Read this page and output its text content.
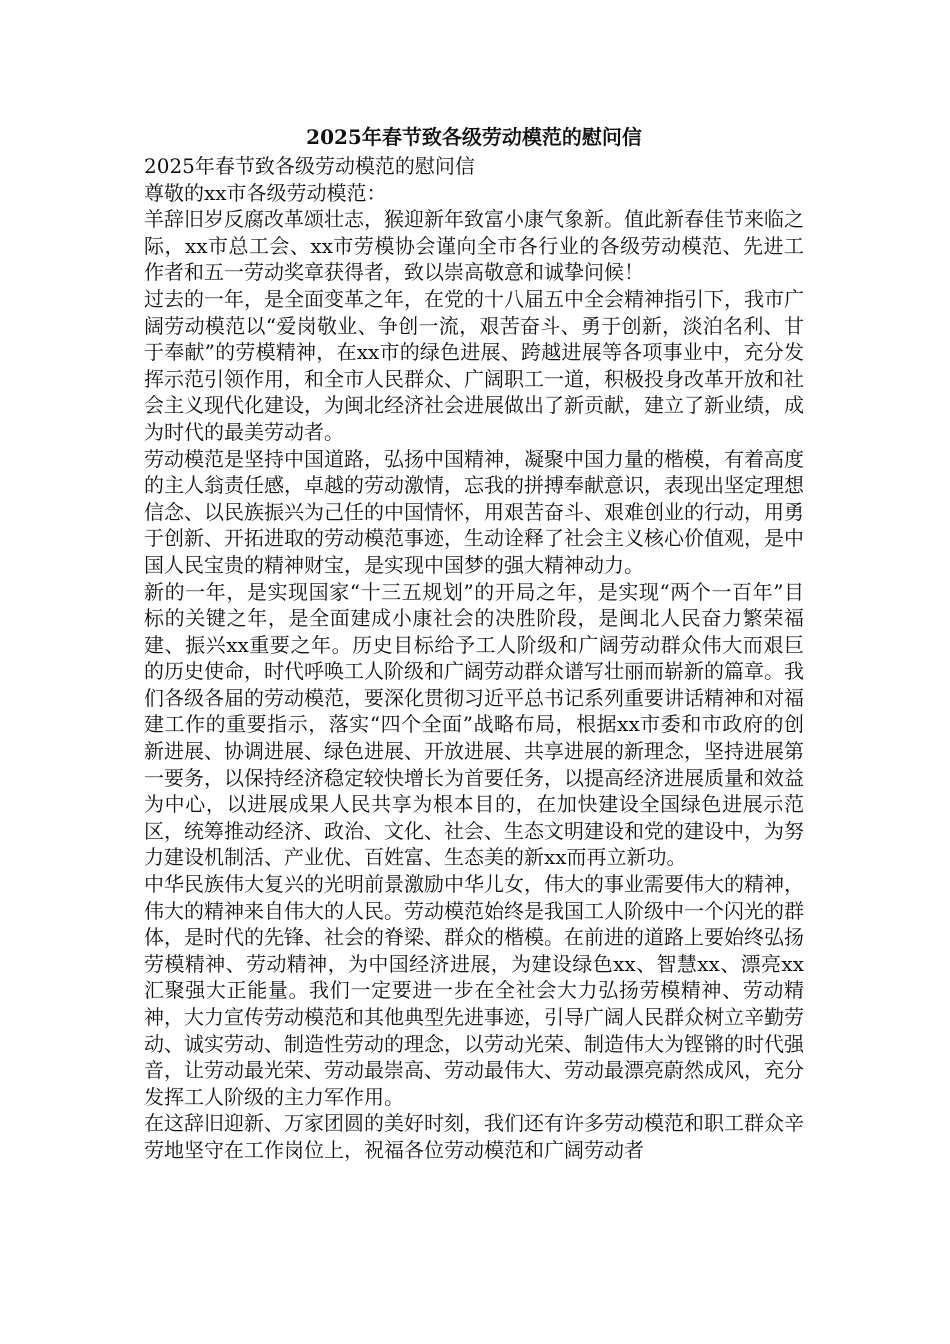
2025年春节致各级劳动模范的慰问信

2025年春节致各级劳动模范的慰问信

尊敬的xx市各级劳动模范：

羊辞旧岁反腐改革颂壮志，猴迎新年致富小康气象新。值此新春佳节来临之际，xx市总工会、xx市劳模协会谨向全市各行业的各级劳动模范、先进工作者和五一劳动奖章获得者，致以崇高敬意和诚挚问候！

过去的一年，是全面变革之年，在党的十八届五中全会精神指引下，我市广阔劳动模范以“爱岗敬业、争创一流，艰苦奋斗、勇于创新，淡泊名利、甘于奉献”的劳模精神，在xx市的绿色进展、跨越进展等各项事业中，充分发挥示范引领作用，和全市人民群众、广阔职工一道，积极投身改革开放和社会主义现代化建设，为闽北经济社会进展做出了新贡献，建立了新业绩，成为时代的最美劳动者。

劳动模范是坚持中国道路，弘扬中国精神，凝聚中国力量的楷模，有着高度的主人翁责任感，卓越的劳动激情，忘我的拼搏奉献意识，表现出坚定理想信念、以民族振兴为己任的中国情怀，用艰苦奋斗、艰难创业的行动，用勇于创新、开拓进取的劳动模范事迹，生动诠释了社会主义核心价值观，是中国人民宝贵的精神财宝，是实现中国梦的强大精神动力。

新的一年，是实现国家“十三五规划”的开局之年，是实现“两个一百年”目标的关键之年，是全面建成小康社会的决胜阶段，是闽北人民奋力繁荣福建、振兴xx重要之年。历史目标给予工人阶级和广阔劳动群众伟大而艰巨的历史使命，时代呼唤工人阶级和广阔劳动群众谱写壮丽而崭新的篇章。我们各级各届的劳动模范，要深化贯彻习近平总书记系列重要讲话精神和对福建工作的重要指示，落实“四个全面”战略布局，根据xx市委和市政府的创新进展、协调进展、绿色进展、开放进展、共享进展的新理念，坚持进展第一要务，以保持经济稳定较快增长为首要任务，以提高经济进展质量和效益为中心，以进展成果人民共享为根本目的，在加快建设全国绿色进展示范区，统筹推动经济、政治、文化、社会、生态文明建设和党的建设中，为努力建设机制活、产业优、百姓富、生态美的新xx而再立新功。

中华民族伟大复兴的光明前景激励中华儿女，伟大的事业需要伟大的精神，伟大的精神来自伟大的人民。劳动模范始终是我国工人阶级中一个闪光的群体，是时代的先锋、社会的脊梁、群众的楷模。在前进的道路上要始终弘扬劳模精神、劳动精神，为中国经济进展，为建设绿色xx、智慧xx、漂亮xx汇聚强大正能量。我们一定要进一步在全社会大力弘扬劳模精神、劳动精神，大力宣传劳动模范和其他典型先进事迹，引导广阔人民群众树立辛勤劳动、诚实劳动、制造性劳动的理念，以劳动光荣、制造伟大为铿锵的时代强音，让劳动最光荣、劳动最崇高、劳动最伟大、劳动最漂亮蔚然成风，充分发挥工人阶级的主力军作用。

在这辞旧迎新、万家团圆的美好时刻，我们还有许多劳动模范和职工群众辛劳地坚守在工作岗位上，祝福各位劳动模范和广阔劳动者
